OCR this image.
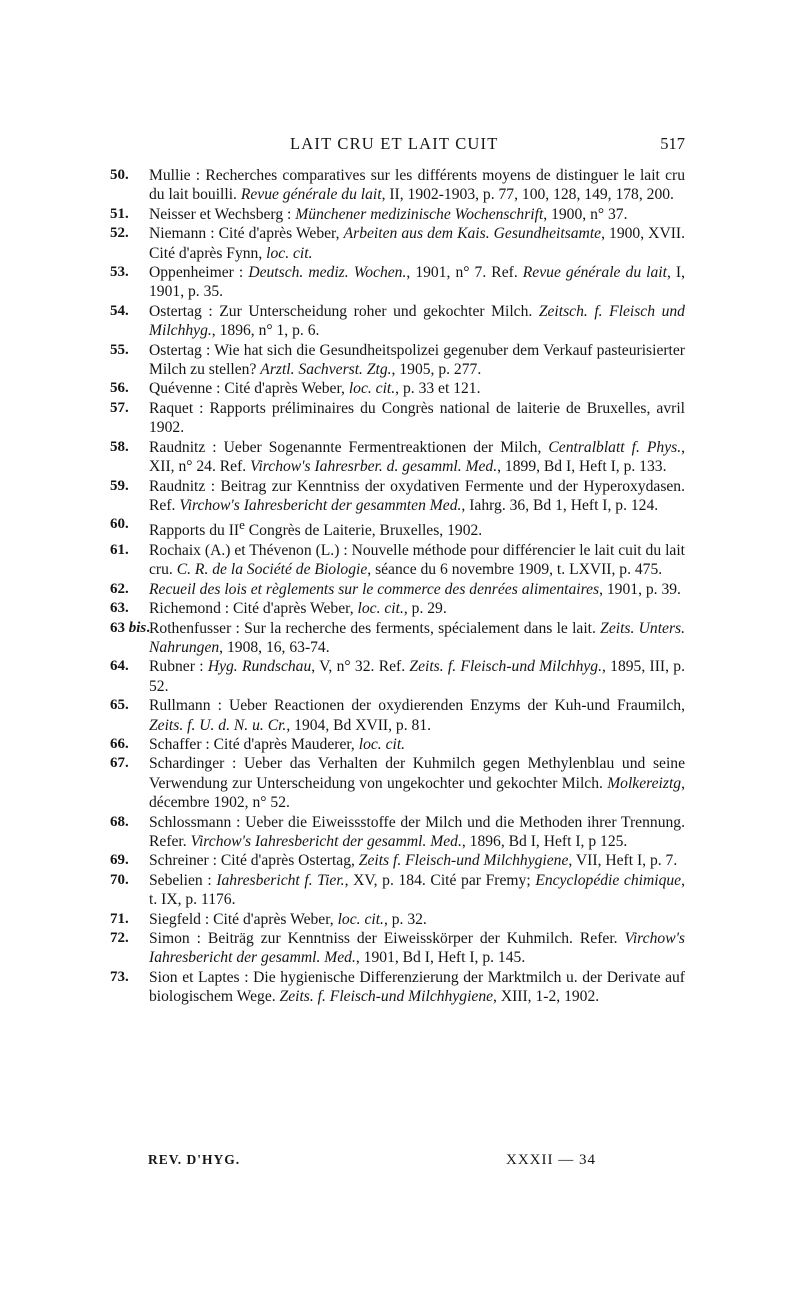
LAIT CRU ET LAIT CUIT	517
50. Mullie : Recherches comparatives sur les différents moyens de distinguer le lait cru du lait bouilli. Revue générale du lait, II, 1902-1903, p. 77, 100, 128, 149, 178, 200.
51. Neisser et Wechsberg : Münchener medizinische Wochenschrift, 1900, n° 37.
52. Niemann : Cité d'après Weber, Arbeiten aus dem Kais. Gesundheitsamte, 1900, XVII. Cité d'après Fynn, loc. cit.
53. Oppenheimer : Deutsch. mediz. Wochen., 1901, n° 7. Ref. Revue générale du lait, I, 1901, p. 35.
54. Ostertag : Zur Unterscheidung roher und gekochter Milch. Zeitsch. f. Fleisch und Milchhyg., 1896, n° 1, p. 6.
55. Ostertag : Wie hat sich die Gesundheitspolizei gegenuber dem Verkauf pasteurisierter Milch zu stellen? Arztl. Sachverst. Ztg., 1905, p. 277.
56. Quévenne : Cité d'après Weber, loc. cit., p. 33 et 121.
57. Raquet : Rapports préliminaires du Congrès national de laiterie de Bruxelles, avril 1902.
58. Raudnitz : Ueber Sogenannte Fermentreaktionen der Milch, Centralblatt f. Phys., XII, n° 24. Ref. Virchow's Iahresrber. d. gesamml. Med., 1899, Bd I, Heft I, p. 133.
59. Raudnitz : Beitrag zur Kenntniss der oxydativen Fermente und der Hyperoxydasen. Ref. Virchow's Iahresbericht der gesammten Med., Iahrg. 36, Bd 1, Heft I, p. 124.
60. Rapports du IIe Congrès de Laiterie, Bruxelles, 1902.
61. Rochaix (A.) et Thévenon (L.) : Nouvelle méthode pour différencier le lait cuit du lait cru. C. R. de la Société de Biologie, séance du 6 novembre 1909, t. LXVII, p. 475.
62. Recueil des lois et règlements sur le commerce des denrées alimentaires, 1901, p. 39.
63. Richemond : Cité d'après Weber, loc. cit., p. 29.
63 bis.
Rothenfusser : Sur la recherche des ferments, spécialement dans le lait. Zeits. Unters. Nahrungen, 1908, 16, 63-74.
64. Rubner : Hyg. Rundschau, V, n° 32. Ref. Zeits. f. Fleisch-und Milchhyg., 1895, III, p. 52.
65. Rullmann : Ueber Reactionen der oxydierenden Enzyms der Kuh-und Fraumilch, Zeits. f. U. d. N. u. Cr., 1904, Bd XVII, p. 81.
66. Schaffer : Cité d'après Mauderer, loc. cit.
67. Schardinger : Ueber das Verhalten der Kuhmilch gegen Methylenblau und seine Verwendung zur Unterscheidung von ungekochter und gekochter Milch. Molkereiztg, décembre 1902, n° 52.
68. Schlossmann : Ueber die Eiweissstoffe der Milch und die Methoden ihrer Trennung. Refer. Virchow's Iahresbericht der gesamml. Med., 1896, Bd I, Heft I, p 125.
69. Schreiner : Cité d'après Ostertag, Zeits f. Fleisch-und Milchhygiene, VII, Heft I, p. 7.
70. Sebelien : Iahresbericht f. Tier., XV, p. 184. Cité par Fremy; Encyclopédie chimique, t. IX, p. 1176.
71. Siegfeld : Cité d'après Weber, loc. cit., p. 32.
72. Simon : Beiträg zur Kenntniss der Eiweisskörper der Kuhmilch. Refer. Virchow's Iahresbericht der gesamml. Med., 1901, Bd I, Heft I, p. 145.
73. Sion et Laptes : Die hygienische Differenzierung der Marktmilch u. der Derivate auf biologischem Wege. Zeits. f. Fleisch-und Milchhygiene, XIII, 1-2, 1902.
REV. D'HYG.	XXXII — 34
